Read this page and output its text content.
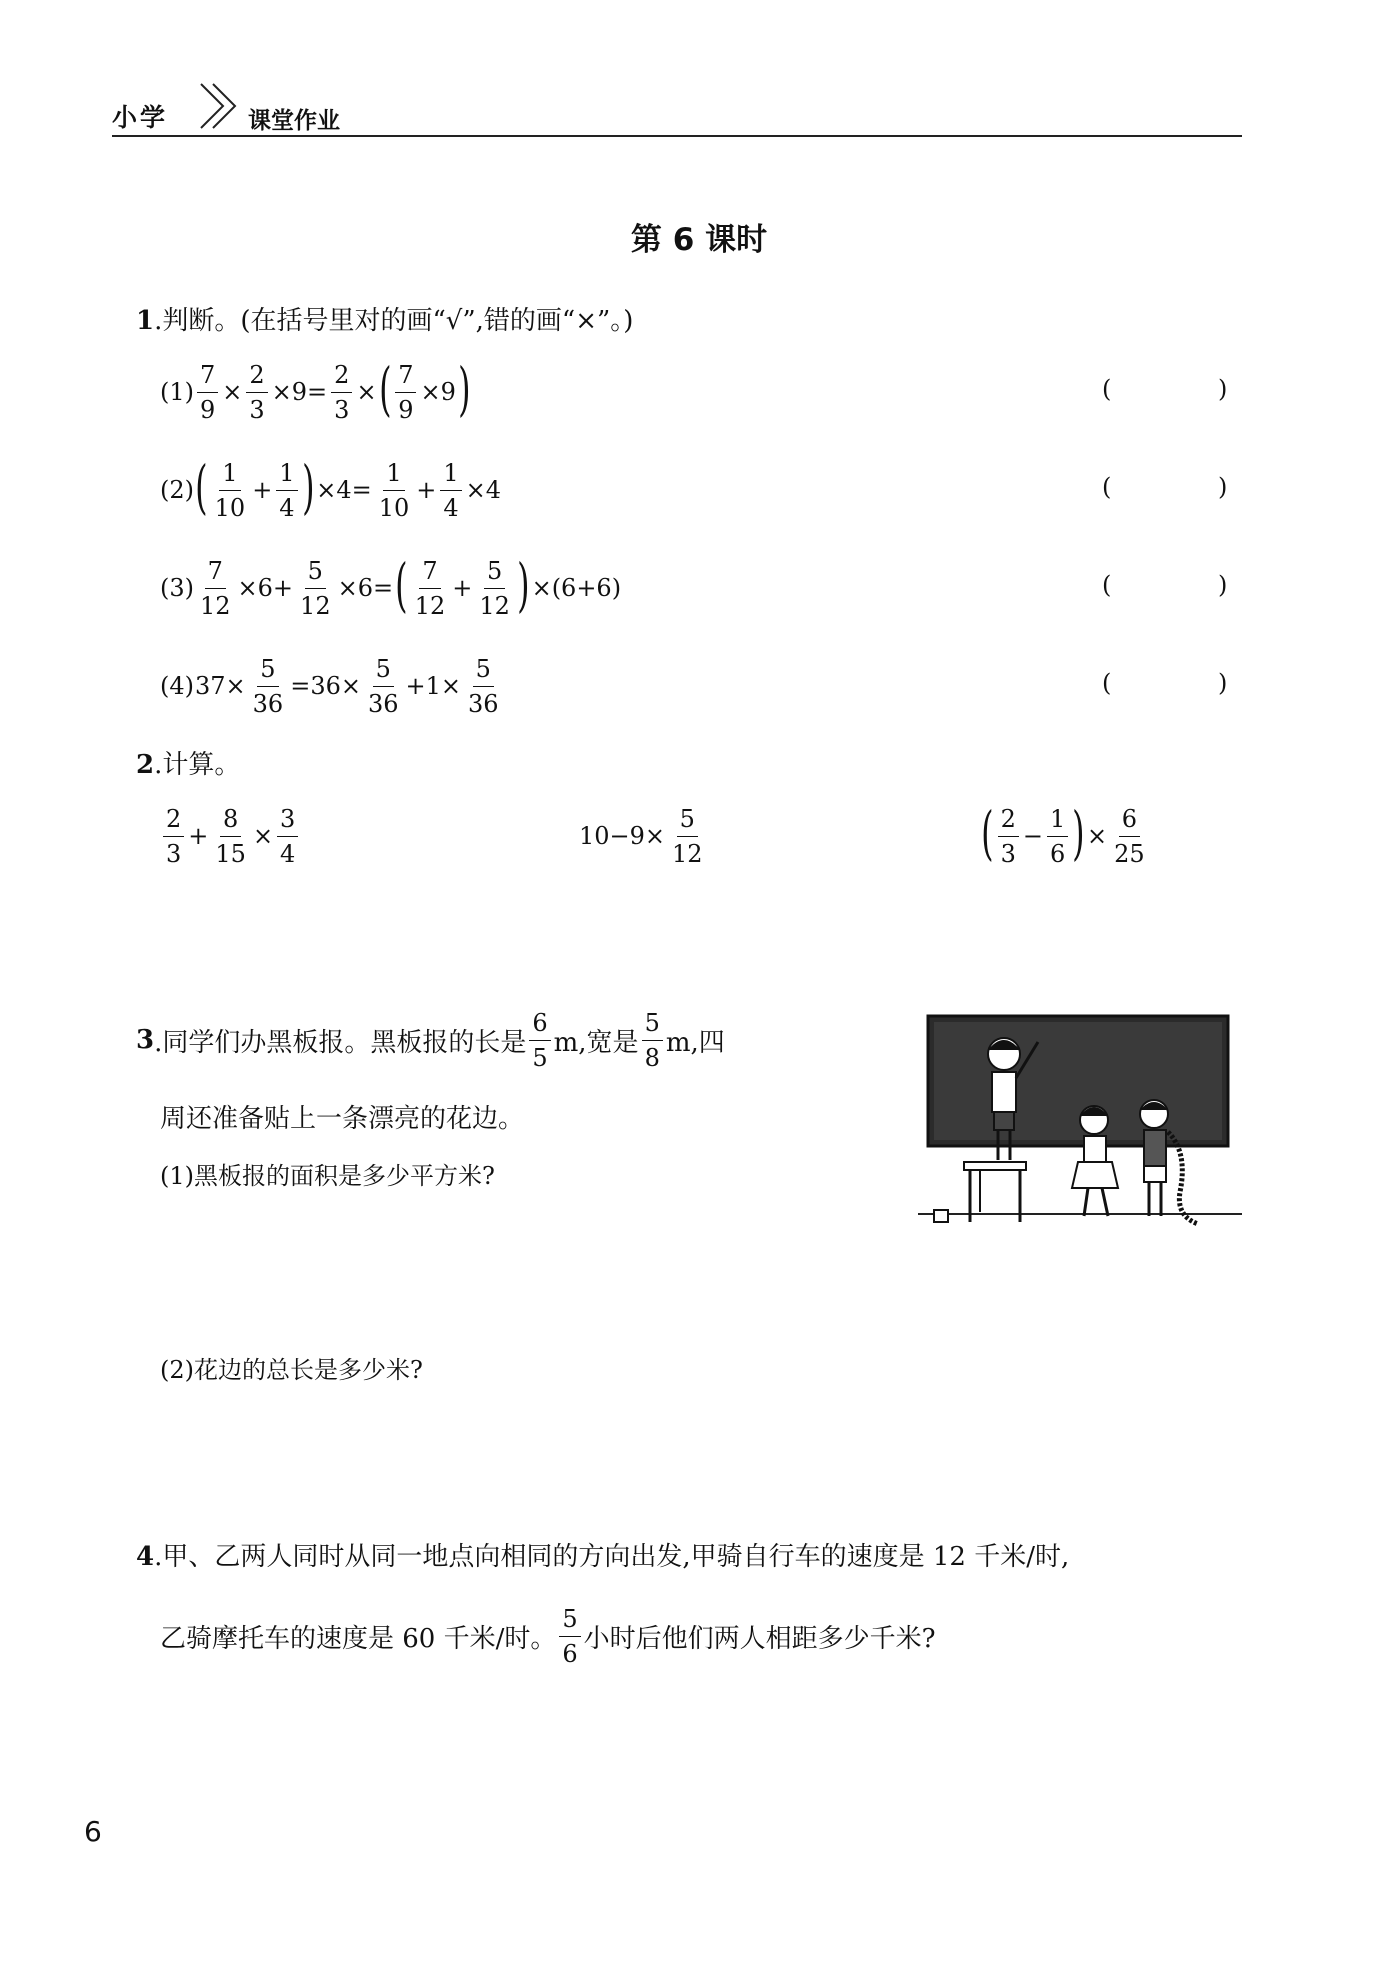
小学	课堂作业
第 6 课时
1.判断。(在括号里对的画“√”,错的画“×”。)
$(1) \frac{7}{9} \times \frac{2}{3} \times 9= \frac{2}{3}$ × ( $\frac{7}{9} \times 9$ )	(	)
(2) ( $\frac{1}{10} + \frac{1}{4}$ ) $\times 4= \frac{1}{10} + \frac{1}{4} \times 4$	(	)
$(3) \frac{7}{12} \times 6+ \frac{5}{12} \times 6=$ ( $\frac{7}{12} + \frac{5}{12}$ ) ×(6+6)	(	)
(4) $37\times \frac{5}{36} =36\times \frac{5}{36} +1\times \frac{5}{36}$	(	)
2.计算。
$\frac{2}{3} + \frac{8}{15} \times \frac{3}{4}$	$10-9\times \frac{5}{12}$	( $\frac{2}{3} - \frac{1}{6}$ ) × $\frac{6}{25}$
3 .同学们办黑板报。黑板报的长是 $\frac{6}{5} m$,宽是 $\frac{5}{8} m$,四
周还准备贴上一条漂亮的花边。
(1)黑板报的面积是多少平方米?
(2)花边的总长是多少米?
4.甲、乙两人同时从同一地点向相同的方向出发,甲骑自行车的速度是 12 千米/时,
乙骑摩托车的速度是 60 千米/时。 $\frac{5}{6}$ 小时后他们两人相距多少千米?
6
